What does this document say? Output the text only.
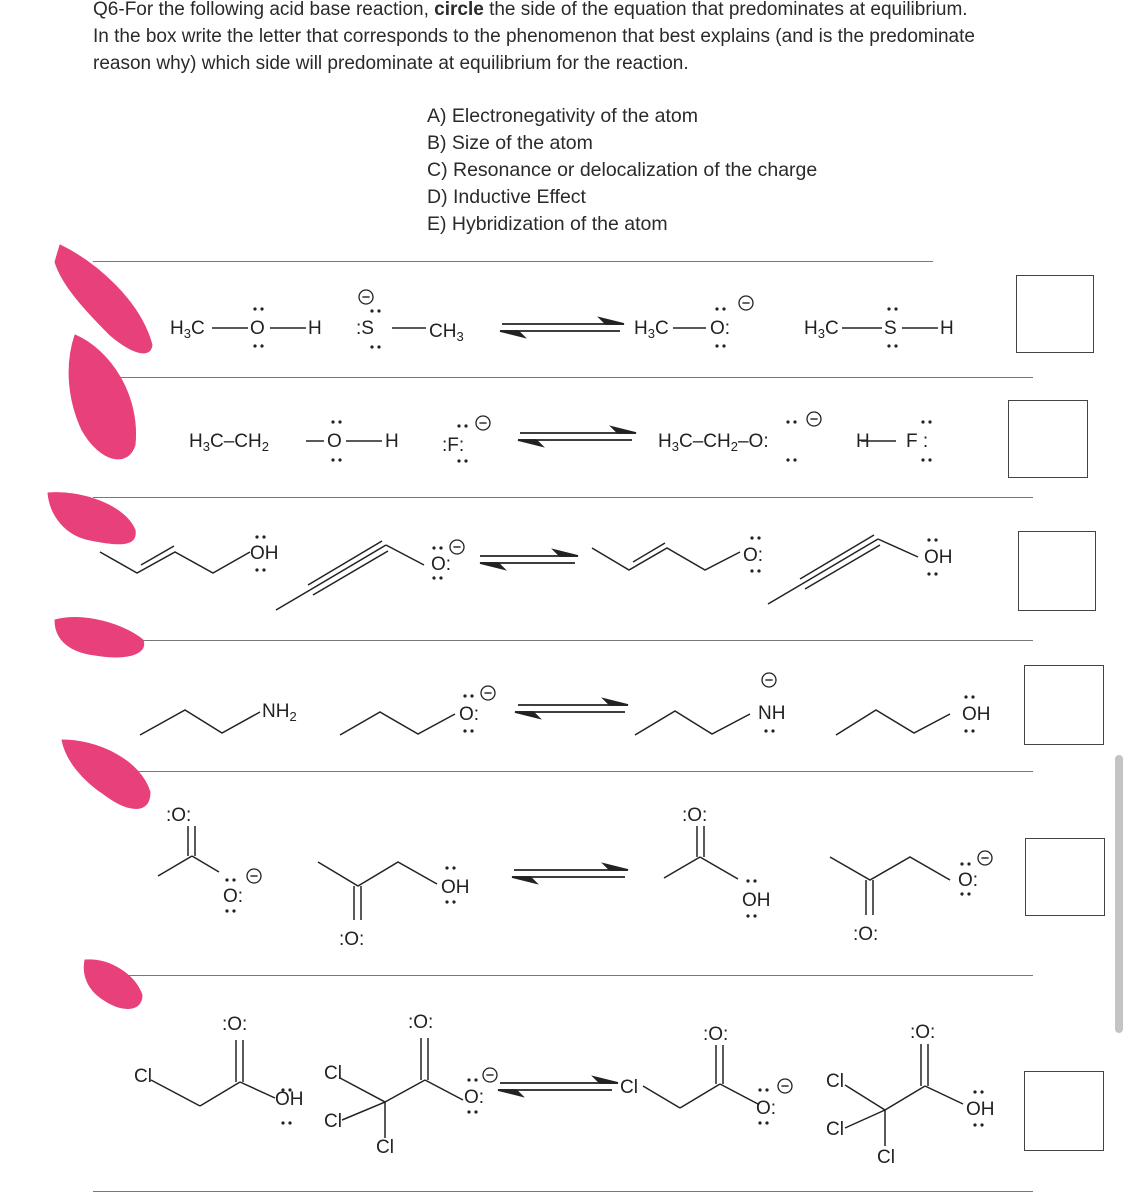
Q6-For the following acid base reaction, circle the side of the equation that predominates at equilibrium.
In the box write the letter that corresponds to the phenomenon that best explains (and is the predominate
reason why) which side will predominate at equilibrium for the reaction.
A) Electronegativity of the atom
B) Size of the atom
C) Resonance or delocalization of the charge
D) Inductive Effect
E) Hybridization of the atom
$H_3C$ O H :S	$CH_3$	$H_3C$ O:	$H_3C$ S H
$H_3C-CH_2$	O H :F:	$H_3C-CH_2-O$:	H F :
OH
O:	O:	OH
$NH_2$	O:	NH	OH
:O:
O:
:O:
OH
:O:
OH
:O:
O:
Cl
:O:
OH
Cl
Cl
Cl
:O:
O:	Cl
:O:
O:
Cl
Cl
Cl
:O:
OH
